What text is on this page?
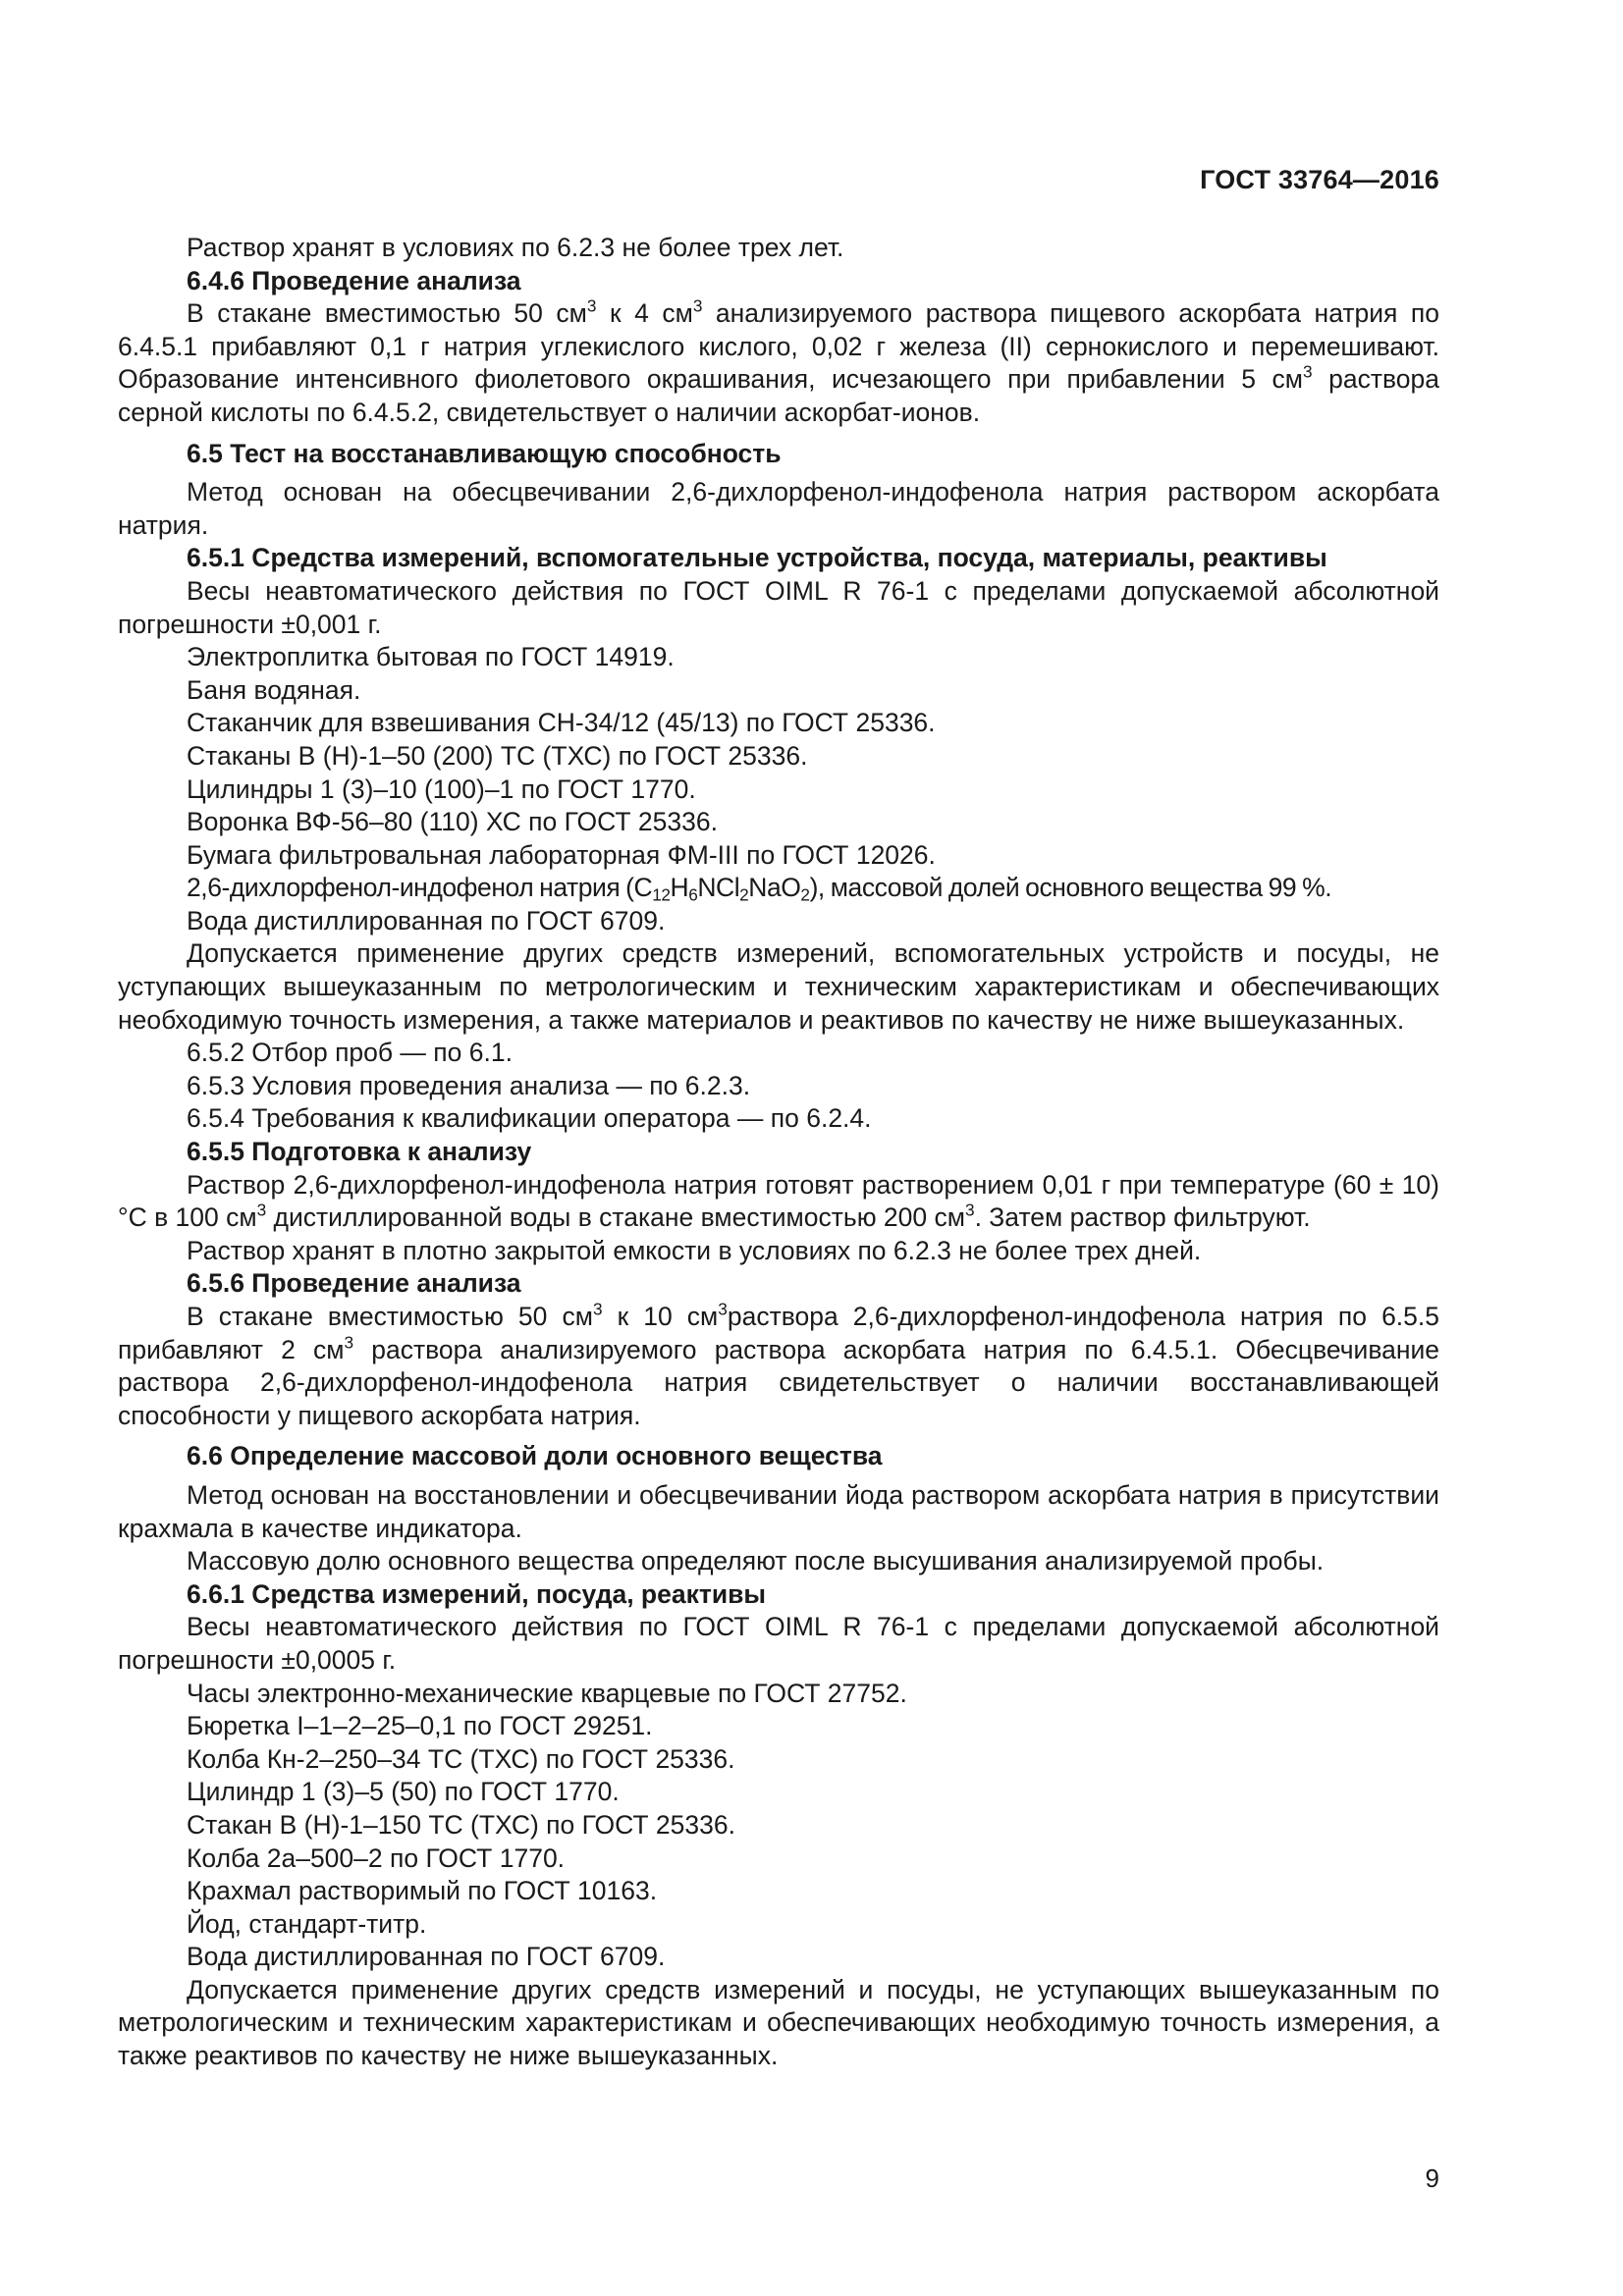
ГОСТ 33764—2016

Раствор хранят в условиях по 6.2.3 не более трех лет.

6.4.6 Проведение анализа

В стакане вместимостью 50 $см^3$ к 4 $см^3$ анализируемого раствора пищевого аскорбата натрия по 6.4.5.1 прибавляют 0,1 г натрия углекислого кислого, 0,02 г железа (II) сернокислого и перемешивают. Образование интенсивного фиолетового окрашивания, исчезающего при прибавлении 5 $см^3$ раствора серной кислоты по 6.4.5.2, свидетельствует о наличии аскорбат-ионов.

6.5 Тест на восстанавливающую способность

Метод основан на обесцвечивании 2,6-дихлорфенол-индофенола натрия раствором аскорбата натрия.

6.5.1 Средства измерений, вспомогательные устройства, посуда, материалы, реактивы

Весы неавтоматического действия по ГОСТ OIML R 76-1 с пределами допускаемой абсолютной погрешности ±0,001 г.

Электроплитка бытовая по ГОСТ 14919.

Баня водяная.

Стаканчик для взвешивания СН-34/12 (45/13) по ГОСТ 25336.

Стаканы В (Н)-1–50 (200) ТС (ТХС) по ГОСТ 25336.

Цилиндры 1 (3)–10 (100)–1 по ГОСТ 1770.

Воронка ВФ-56–80 (110) ХС по ГОСТ 25336.

Бумага фильтровальная лабораторная ФМ-III по ГОСТ 12026.

2,6-дихлорфенол-индофенол натрия $(C_{12}H_6NCl_2NaO_2)$, массовой долей основного вещества 99 %.

Вода дистиллированная по ГОСТ 6709.

Допускается применение других средств измерений, вспомогательных устройств и посуды, не уступающих вышеуказанным по метрологическим и техническим характеристикам и обеспечивающих необходимую точность измерения, а также материалов и реактивов по качеству не ниже вышеуказанных.

6.5.2 Отбор проб — по 6.1.

6.5.3 Условия проведения анализа — по 6.2.3.

6.5.4 Требования к квалификации оператора — по 6.2.4.

6.5.5 Подготовка к анализу

Раствор 2,6-дихлорфенол-индофенола натрия готовят растворением 0,01 г при температуре (60 ± 10) °С в 100 $см^3$ дистиллированной воды в стакане вместимостью 200 $см^3$. Затем раствор фильтруют.

Раствор хранят в плотно закрытой емкости в условиях по 6.2.3 не более трех дней.

6.5.6 Проведение анализа

В стакане вместимостью 50 $см^3$ к 10 $см^3раствора$ 2,6-дихлорфенол-индофенола натрия по 6.5.5 прибавляют 2 $см^3$ раствора анализируемого раствора аскорбата натрия по 6.4.5.1. Обесцвечивание раствора 2,6-дихлорфенол-индофенола натрия свидетельствует о наличии восстанавливающей способности у пищевого аскорбата натрия.

6.6 Определение массовой доли основного вещества

Метод основан на восстановлении и обесцвечивании йода раствором аскорбата натрия в присутствии крахмала в качестве индикатора.

Массовую долю основного вещества определяют после высушивания анализируемой пробы.

6.6.1 Средства измерений, посуда, реактивы

Весы неавтоматического действия по ГОСТ OIML R 76-1 с пределами допускаемой абсолютной погрешности ±0,0005 г.

Часы электронно-механические кварцевые по ГОСТ 27752.

Бюретка I–1–2–25–0,1 по ГОСТ 29251.

Колба Кн-2–250–34 ТС (ТХС) по ГОСТ 25336.

Цилиндр 1 (3)–5 (50) по ГОСТ 1770.

Стакан В (Н)-1–150 ТС (ТХС) по ГОСТ 25336.

Колба 2а–500–2 по ГОСТ 1770.

Крахмал растворимый по ГОСТ 10163.

Йод, стандарт-титр.

Вода дистиллированная по ГОСТ 6709.

Допускается применение других средств измерений и посуды, не уступающих вышеуказанным по метрологическим и техническим характеристикам и обеспечивающих необходимую точность измерения, а также реактивов по качеству не ниже вышеуказанных.

9
